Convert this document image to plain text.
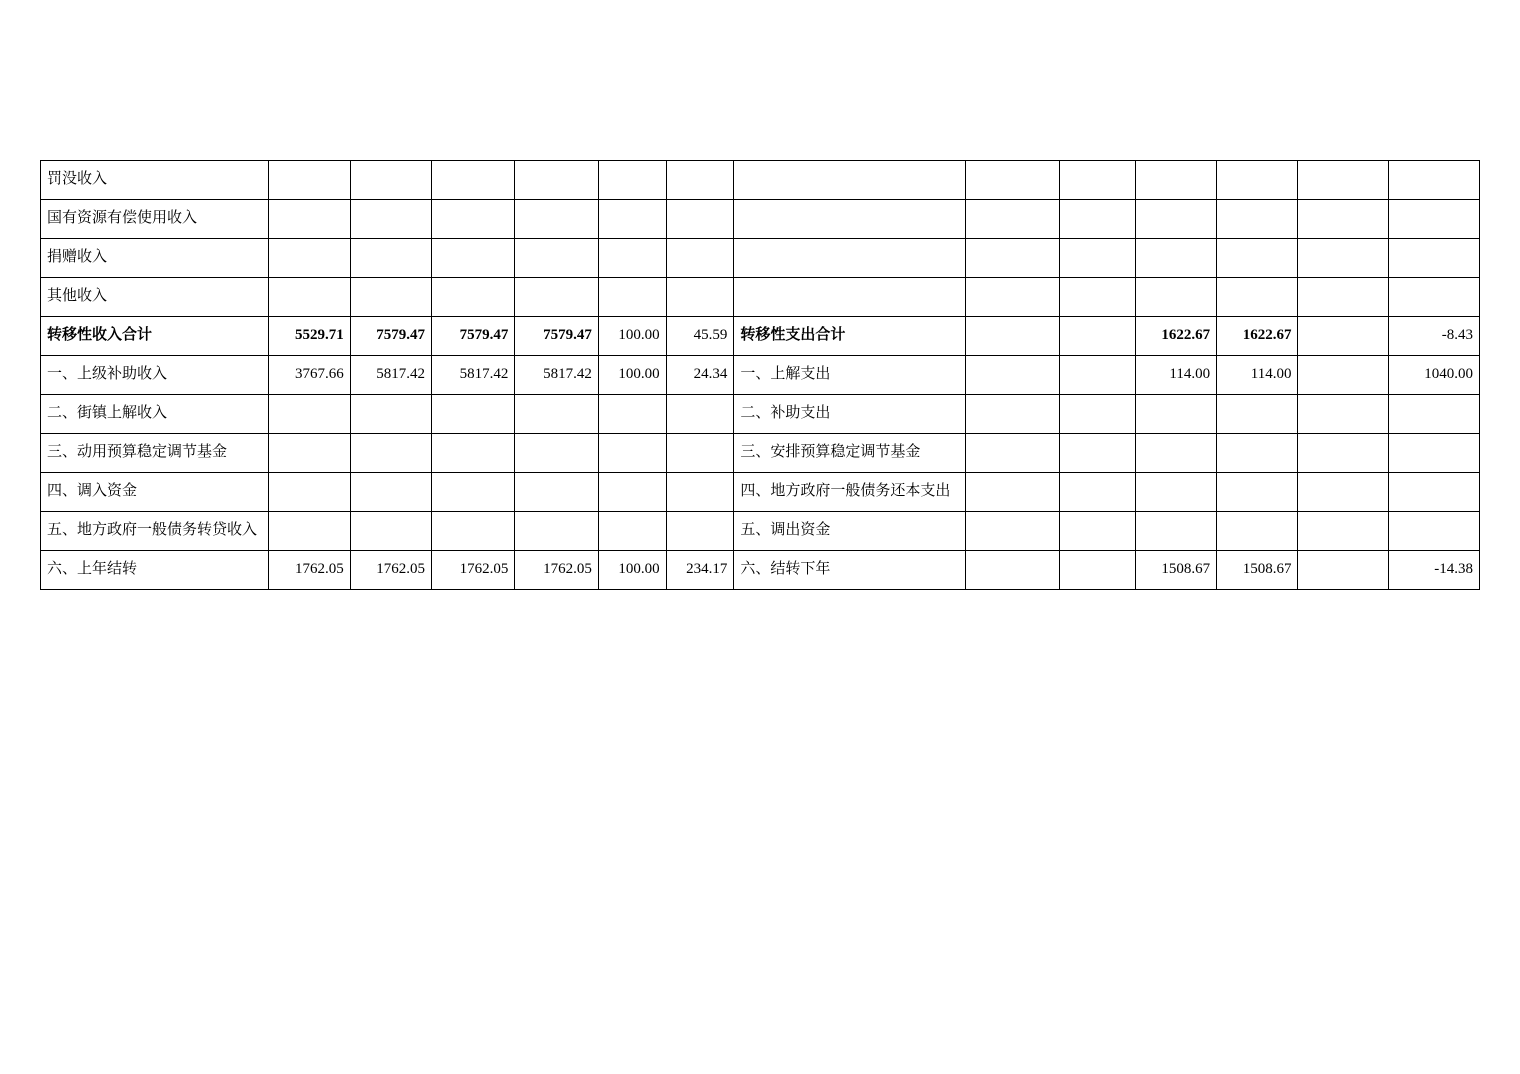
罚没收入													
国有资源有偿使用收入													
捐赠收入													
其他收入													
转移性收入合计	5529.71	7579.47	7579.47	7579.47	100.00	45.59	转移性支出合计			1622.67	1622.67		-8.43
一、上级补助收入	3767.66	5817.42	5817.42	5817.42	100.00	24.34	一、上解支出			114.00	114.00		1040.00
二、街镇上解收入							二、补助支出						
三、动用预算稳定调节基金							三、安排预算稳定调节基金						
四、调入资金							四、地方政府一般债务还本支出						
五、地方政府一般债务转贷收入							五、调出资金						
六、上年结转	1762.05	1762.05	1762.05	1762.05	100.00	234.17	六、结转下年			1508.67	1508.67		-14.38
